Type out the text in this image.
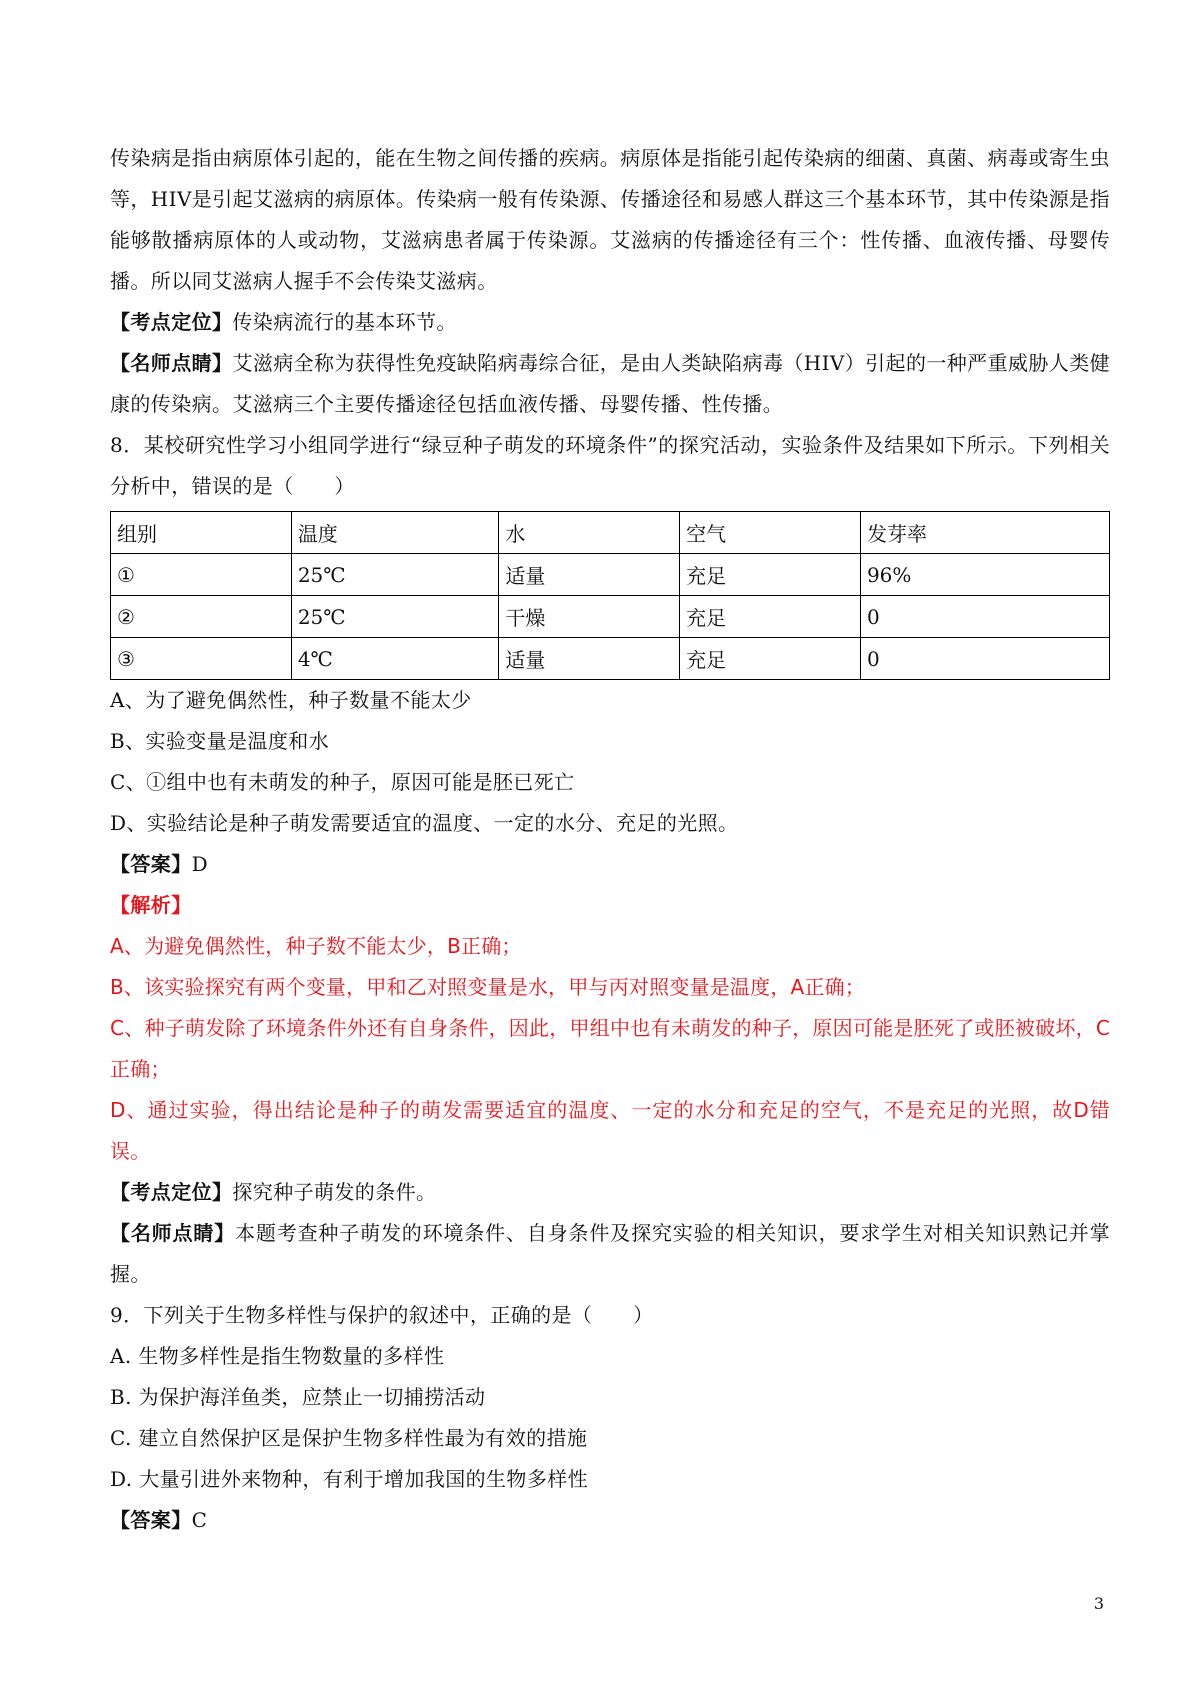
传染病是指由病原体引起的，能在生物之间传播的疾病。病原体是指能引起传染病的细菌、真菌、病毒或寄生虫等，HIV是引起艾滋病的病原体。传染病一般有传染源、传播途径和易感人群这三个基本环节，其中传染源是指能够散播病原体的人或动物，艾滋病患者属于传染源。艾滋病的传播途径有三个：性传播、血液传播、母婴传播。所以同艾滋病人握手不会传染艾滋病。

【考点定位】传染病流行的基本环节。

【名师点睛】艾滋病全称为获得性免疫缺陷病毒综合征，是由人类缺陷病毒（HIV）引起的一种严重威胁人类健康的传染病。艾滋病三个主要传播途径包括血液传播、母婴传播、性传播。

8．某校研究性学习小组同学进行“绿豆种子萌发的环境条件”的探究活动，实验条件及结果如下所示。下列相关分析中，错误的是（　　）

组别	温度	水	空气	发芽率
①	25℃	适量	充足	96%
②	25℃	干燥	充足	0
③	4℃	适量	充足	0

A、为了避免偶然性，种子数量不能太少

B、实验变量是温度和水

C、①组中也有未萌发的种子，原因可能是胚已死亡

D、实验结论是种子萌发需要适宜的温度、一定的水分、充足的光照。

【答案】D

【解析】

A、为避免偶然性，种子数不能太少，B正确；

B、该实验探究有两个变量，甲和乙对照变量是水，甲与丙对照变量是温度，A正确；

C、种子萌发除了环境条件外还有自身条件，因此，甲组中也有未萌发的种子，原因可能是胚死了或胚被破坏，C正确；

D、通过实验，得出结论是种子的萌发需要适宜的温度、一定的水分和充足的空气，不是充足的光照，故D错误。

【考点定位】探究种子萌发的条件。

【名师点睛】本题考查种子萌发的环境条件、自身条件及探究实验的相关知识，要求学生对相关知识熟记并掌握。

9．下列关于生物多样性与保护的叙述中，正确的是（　　）

A. 生物多样性是指生物数量的多样性

B. 为保护海洋鱼类，应禁止一切捕捞活动

C. 建立自然保护区是保护生物多样性最为有效的措施

D. 大量引进外来物种，有利于增加我国的生物多样性

【答案】C

3
